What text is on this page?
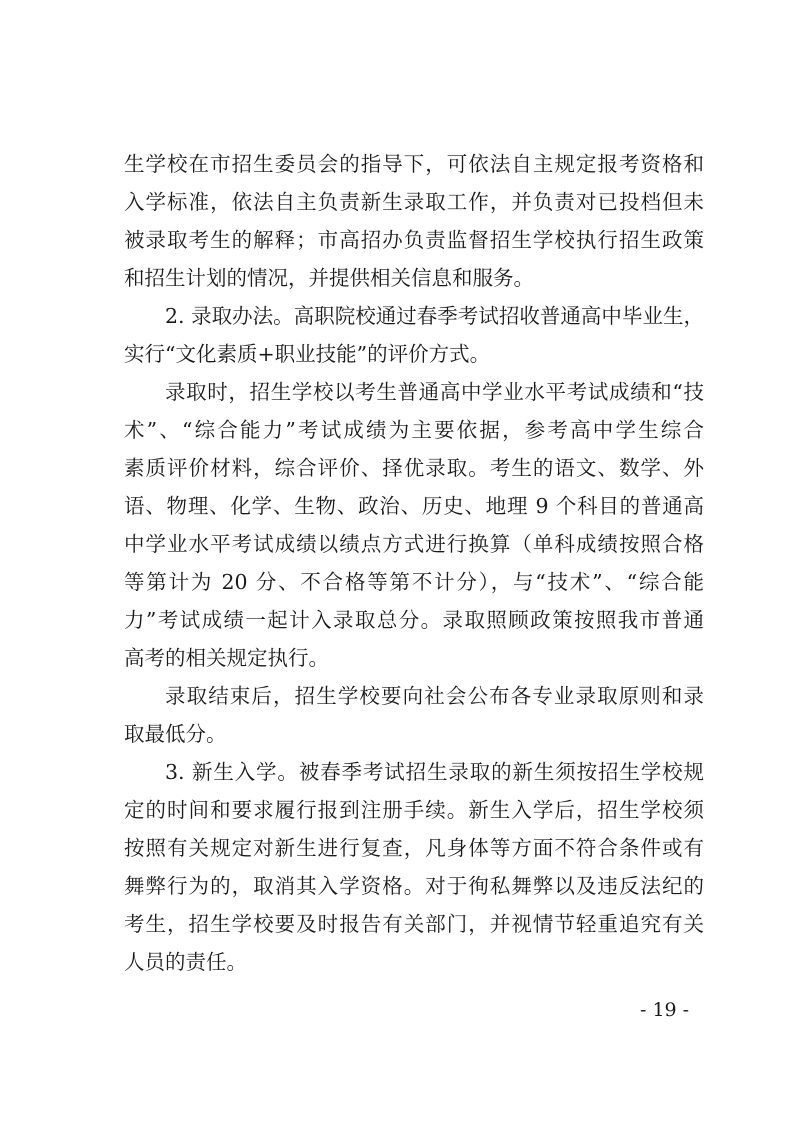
生学校在市招生委员会的指导下，可依法自主规定报考资格和
入学标准，依法自主负责新生录取工作，并负责对已投档但未
被录取考生的解释；市高招办负责监督招生学校执行招生政策
和招生计划的情况，并提供相关信息和服务。
2. 录取办法。高职院校通过春季考试招收普通高中毕业生，
实行“文化素质+职业技能”的评价方式。
录取时，招生学校以考生普通高中学业水平考试成绩和“技
术”、“综合能力”考试成绩为主要依据，参考高中学生综合
素质评价材料，综合评价、择优录取。考生的语文、数学、外
语、物理、化学、生物、政治、历史、地理 9 个科目的普通高
中学业水平考试成绩以绩点方式进行换算（单科成绩按照合格
等第计为 20 分、不合格等第不计分），与“技术”、“综合能
力”考试成绩一起计入录取总分。录取照顾政策按照我市普通
高考的相关规定执行。
录取结束后，招生学校要向社会公布各专业录取原则和录
取最低分。
3. 新生入学。被春季考试招生录取的新生须按招生学校规
定的时间和要求履行报到注册手续。新生入学后，招生学校须
按照有关规定对新生进行复查，凡身体等方面不符合条件或有
舞弊行为的，取消其入学资格。对于徇私舞弊以及违反法纪的
考生，招生学校要及时报告有关部门，并视情节轻重追究有关
人员的责任。
- 19 -
